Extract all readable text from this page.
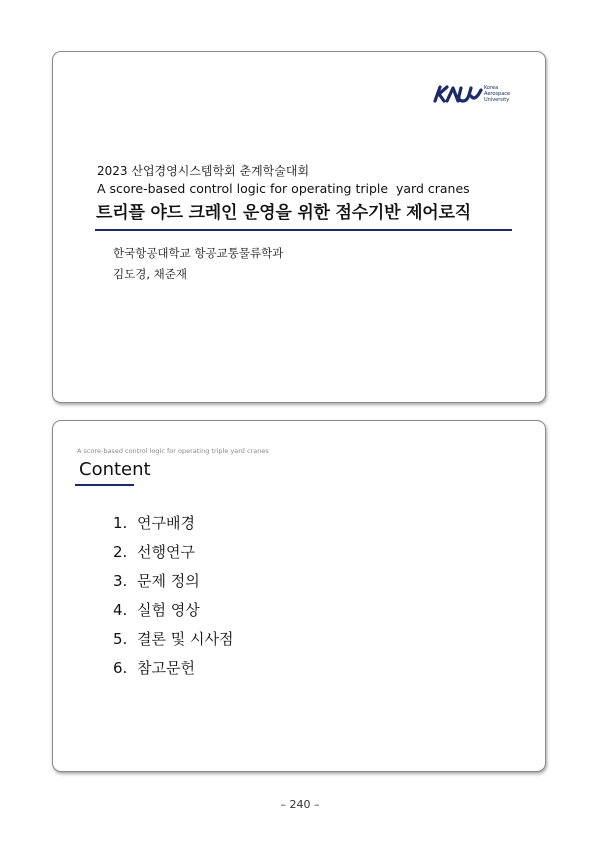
Korea
Aerospace
University
2023 산업경영시스템학회 춘계학술대회
A score-based control logic for operating triple  yard cranes
트리플 야드 크레인 운영을 위한 점수기반 제어로직
한국항공대학교 항공교통물류학과
김도경, 채준재
A score-based control logic for operating triple yard cranes
Content
1. 연구배경
2. 선행연구
3. 문제 정의
4. 실험 영상
5. 결론 및 시사점
6. 참고문헌
– 240 –
